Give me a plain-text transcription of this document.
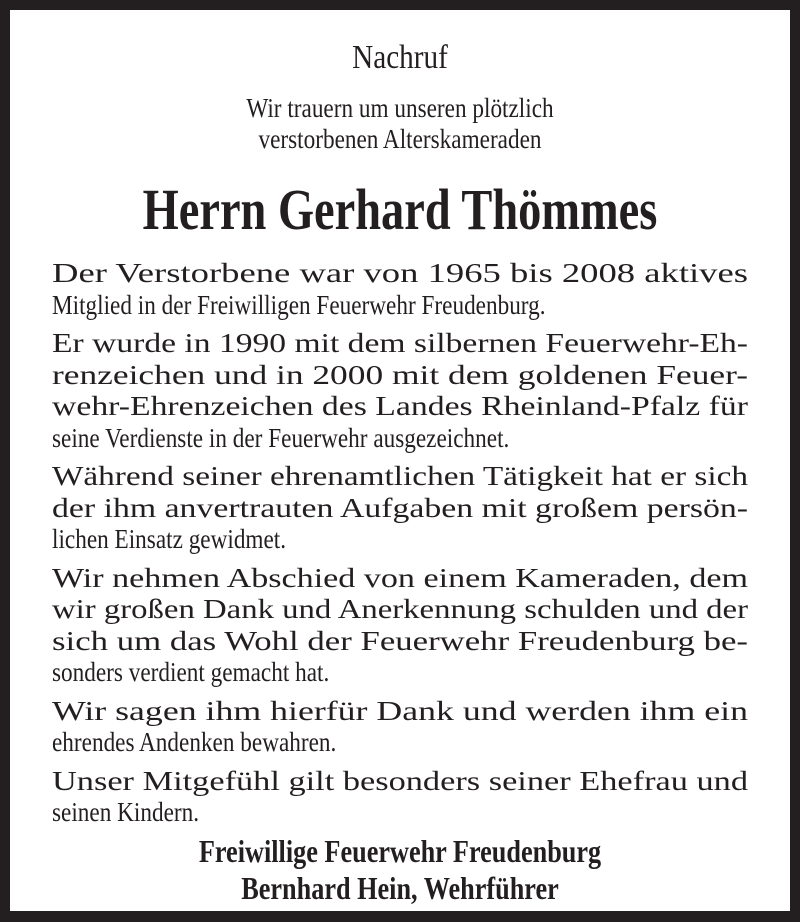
Nachruf
Wir trauern um unseren plötzlich
verstorbenen Alterskameraden
Herrn Gerhard Thömmes
Der Verstorbene war von 1965 bis 2008 aktives
Mitglied in der Freiwilligen Feuerwehr Freudenburg.
Er wurde in 1990 mit dem silbernen Feuerwehr-Eh-
renzeichen und in 2000 mit dem goldenen Feuer-
wehr-Ehrenzeichen des Landes Rheinland-Pfalz für
seine Verdienste in der Feuerwehr ausgezeichnet.
Während seiner ehrenamtlichen Tätigkeit hat er sich
der ihm anvertrauten Aufgaben mit großem persön-
lichen Einsatz gewidmet.
Wir nehmen Abschied von einem Kameraden, dem
wir großen Dank und Anerkennung schulden und der
sich um das Wohl der Feuerwehr Freudenburg be-
sonders verdient gemacht hat.
Wir sagen ihm hierfür Dank und werden ihm ein
ehrendes Andenken bewahren.
Unser Mitgefühl gilt besonders seiner Ehefrau und
seinen Kindern.
Freiwillige Feuerwehr Freudenburg
Bernhard Hein, Wehrführer
